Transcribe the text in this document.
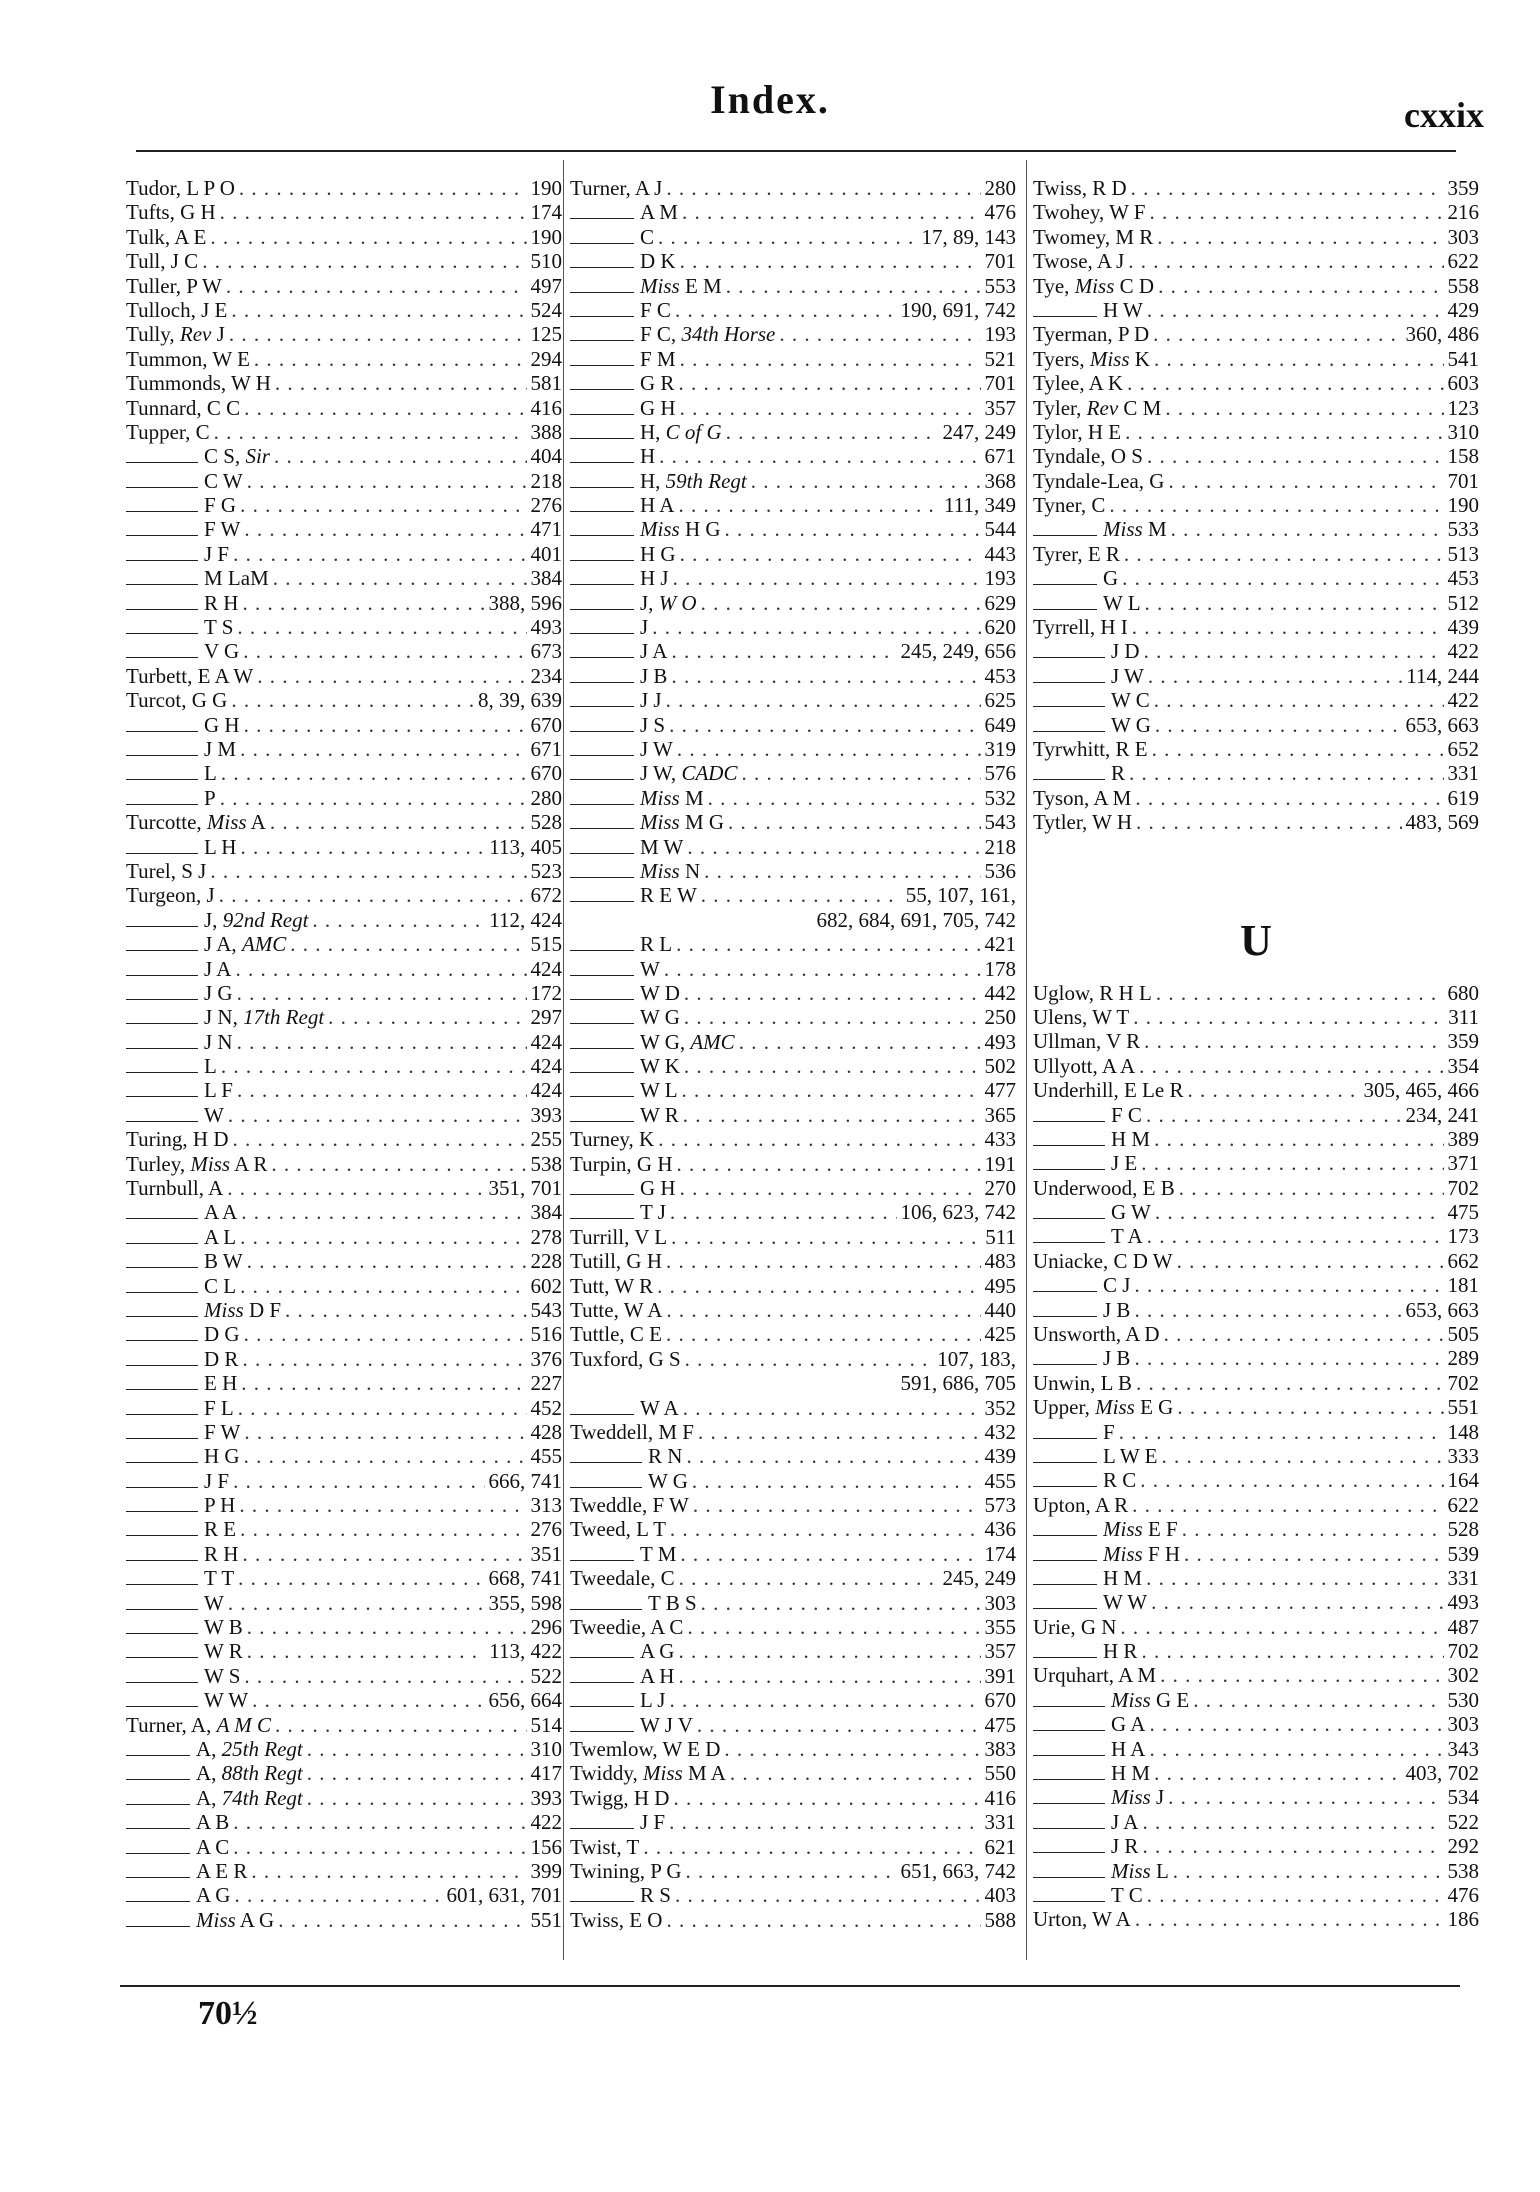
Index.	cxxix
Tudor, L P O . . .	190
Tufts, G H . . .	174
Tulk, A E . . .	190
Tull, J C . . .	510
Tuller, P W . . .	497
Tulloch, J E . . .	524
Tully, Rev J . . .	125
Tummon, W E . . .	294
Tummonds, W H . . .	581
Tunnard, C C . . .	416
Tupper, C . . .	388
C S, Sir . . .	404
C W . . .	218
F G . . .	276
F W . . .	471
J F . . .	401
M LaM . . .	384
R H . . .	388, 596
T S . . .	493
V G . . .	673
Turbett, E A W . . .	234
Turcot, G G . . .	8, 39, 639
G H . . .	670
J M . . .	671
L . . .	670
P . . .	280
Turcotte, Miss A . . .	528
L H . . .	113, 405
Turel, S J . . .	523
Turgeon, J . . .	672
J, 92nd Regt . . .	112, 424
J A, AMC . . .	515
J A . . .	424
J G . . .	172
J N, 17th Regt . . .	297
J N . . .	424
L . . .	424
L F . . .	424
W . . .	393
Turing, H D . . .	255
Turley, Miss A R . . .	538
Turnbull, A . . .	351, 701
A A . . .	384
A L . . .	278
B W . . .	228
C L . . .	602
Miss D F . . .	543
D G . . .	516
D R . . .	376
E H . . .	227
F L . . .	452
F W . . .	428
H G . . .	455
J F . . .	666, 741
P H . . .	313
R E . . .	276
R H . . .	351
T T . . .	668, 741
W . . .	355, 598
W B . . .	296
W R . . .	113, 422
W S . . .	522
W W . . .	656, 664
Turner, A, A M C . . .	514
A, 25th Regt . . .	310
A, 88th Regt . . .	417
A, 74th Regt . . .	393
A B . . .	422
A C . . .	156
A E R . . .	399
A G . . .	601, 631, 701
Miss A G . . .	551
Turner, A J . . .	280
A M . . .	476
C . . .	17, 89, 143
D K . . .	701
Miss E M . . .	553
F C . . .	190, 691, 742
F C, 34th Horse . . .	193
F M . . .	521
G R . . .	701
G H . . .	357
H, C of G . . .	247, 249
H . . .	671
H, 59th Regt . . .	368
H A . . .	111, 349
Miss H G . . .	544
H G . . .	443
H J . . .	193
J, W O . . .	629
J . . .	620
J A . . .	245, 249, 656
J B . . .	453
J J . . .	625
J S . . .	649
J W . . .	319
J W, CADC . . .	576
Miss M . . .	532
Miss M G . . .	543
M W . . .	218
Miss N . . .	536
R E W . . .	55, 107, 161,
682, 684, 691, 705, 742
R L . . .	421
W . . .	178
W D . . .	442
W G . . .	250
W G, AMC . . .	493
W K . . .	502
W L . . .	477
W R . . .	365
Turney, K . . .	433
Turpin, G H . . .	191
G H . . .	270
T J . . .	106, 623, 742
Turrill, V L . . .	511
Tutill, G H . . .	483
Tutt, W R . . .	495
Tutte, W A . . .	440
Tuttle, C E . . .	425
Tuxford, G S . . .	107, 183,
591, 686, 705
W A . . .	352
Tweddell, M F . . .	432
R N . . .	439
W G . . .	455
Tweddle, F W . . .	573
Tweed, L T . . .	436
T M . . .	174
Tweedale, C . . .	245, 249
T B S . . .	303
Tweedie, A C . . .	355
A G . . .	357
A H . . .	391
L J . . .	670
W J V . . .	475
Twemlow, W E D . . .	383
Twiddy, Miss M A . . .	550
Twigg, H D . . .	416
J F . . .	331
Twist, T . . .	621
Twining, P G . . .	651, 663, 742
R S . . .	403
Twiss, E O . . .	588
Twiss, R D . . .	359
Twohey, W F . . .	216
Twomey, M R . . .	303
Twose, A J . . .	622
Tye, Miss C D . . .	558
H W . . .	429
Tyerman, P D . . .	360, 486
Tyers, Miss K . . .	541
Tylee, A K . . .	603
Tyler, Rev C M . . .	123
Tylor, H E . . .	310
Tyndale, O S . . .	158
Tyndale-Lea, G . . .	701
Tyner, C . . .	190
Miss M . . .	533
Tyrer, E R . . .	513
G . . .	453
W L . . .	512
Tyrrell, H I . . .	439
J D . . .	422
J W . . .	114, 244
W C . . .	422
W G . . .	653, 663
Tyrwhitt, R E . . .	652
R . . .	331
Tyson, A M . . .	619
Tytler, W H . . .	483, 569
U
Uglow, R H L . . .	680
Ulens, W T . . .	311
Ullman, V R . . .	359
Ullyott, A A . . .	354
Underhill, E Le R . . .	305, 465, 466
F C . . .	234, 241
H M . . .	389
J E . . .	371
Underwood, E B . . .	702
G W . . .	475
T A . . .	173
Uniacke, C D W . . .	662
C J . . .	181
J B . . .	653, 663
Unsworth, A D . . .	505
J B . . .	289
Unwin, L B . . .	702
Upper, Miss E G . . .	551
F . . .	148
L W E . . .	333
R C . . .	164
Upton, A R . . .	622
Miss E F . . .	528
Miss F H . . .	539
H M . . .	331
W W . . .	493
Urie, G N . . .	487
H R . . .	702
Urquhart, A M . . .	302
Miss G E . . .	530
G A . . .	303
H A . . .	343
H M . . .	403, 702
Miss J . . .	534
J A . . .	522
J R . . .	292
Miss L . . .	538
T C . . .	476
Urton, W A . . .	186
70½
